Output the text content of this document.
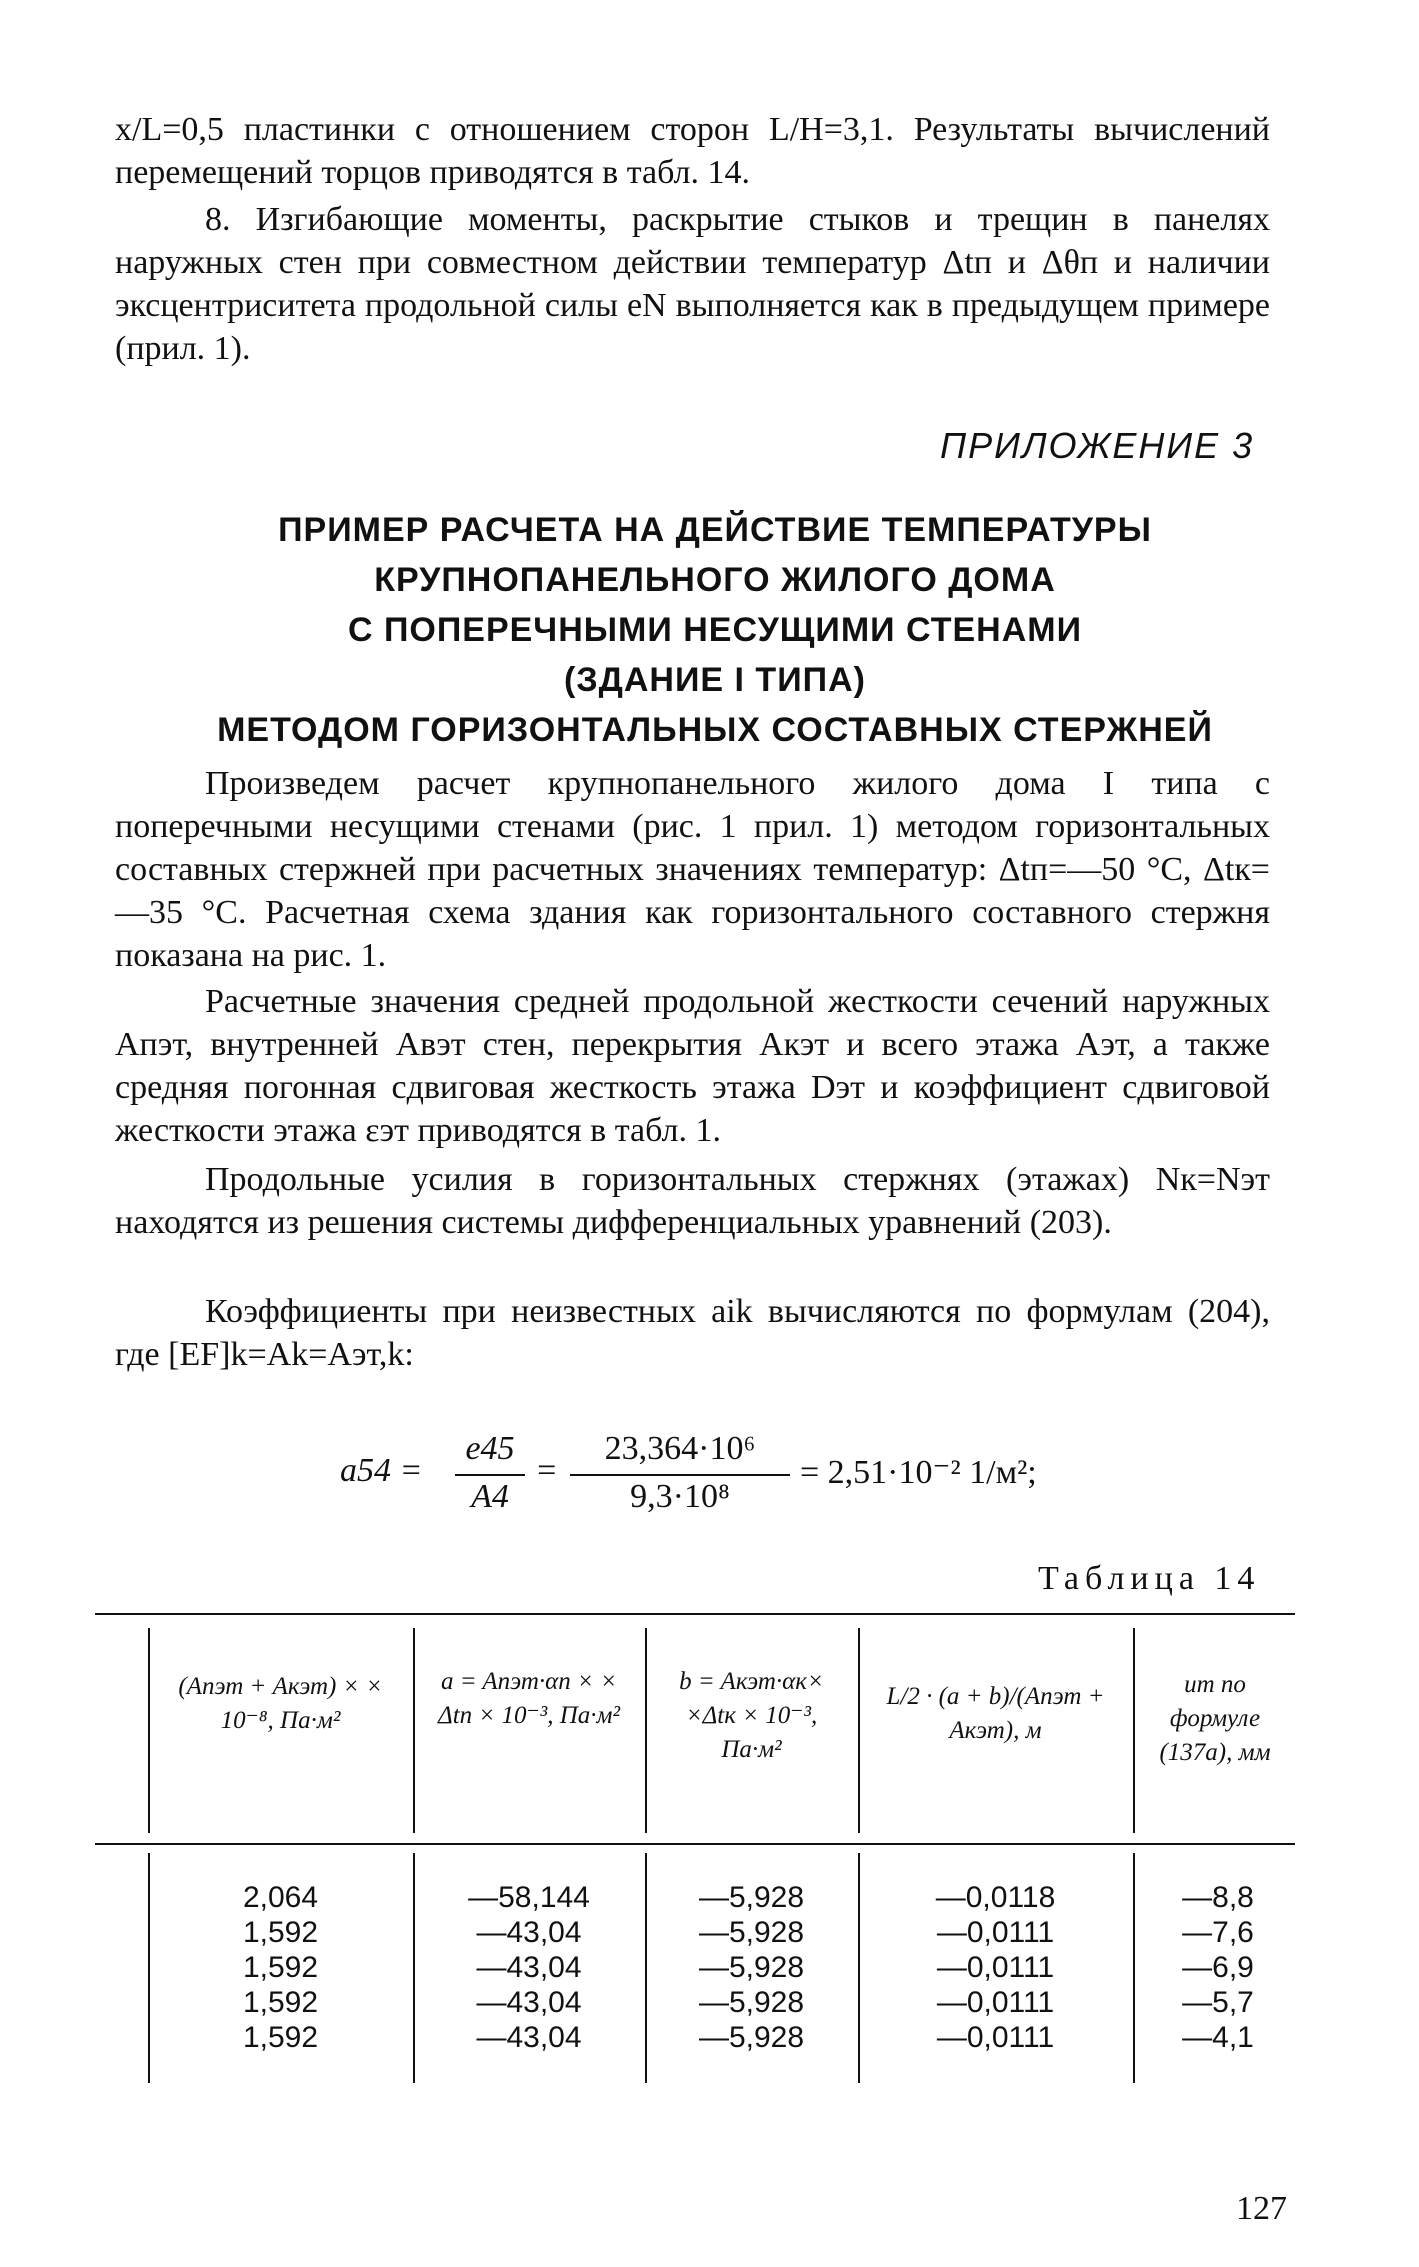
x/L=0,5 пластинки с отношением сторон L/H=3,1. Результаты вычислений перемещений торцов приводятся в табл. 14.

8. Изгибающие моменты, раскрытие стыков и трещин в панелях наружных стен при совместном действии температур Δtп и Δθп и наличии эксцентриситета продольной силы eN выполняется как в предыдущем примере (прил. 1).

ПРИЛОЖЕНИЕ 3
ПРИМЕР РАСЧЕТА НА ДЕЙСТВИЕ ТЕМПЕРАТУРЫ
КРУПНОПАНЕЛЬНОГО ЖИЛОГО ДОМА
С ПОПЕРЕЧНЫМИ НЕСУЩИМИ СТЕНАМИ
(ЗДАНИЕ I ТИПА)
МЕТОДОМ ГОРИЗОНТАЛЬНЫХ СОСТАВНЫХ СТЕРЖНЕЙ

Произведем расчет крупнопанельного жилого дома I типа с поперечными несущими стенами (рис. 1 прил. 1) методом горизонтальных составных стержней при расчетных значениях температур: Δtп=—50 °С, Δtк=—35 °С. Расчетная схема здания как горизонтального составного стержня показана на рис. 1.

Расчетные значения средней продольной жесткости сечений наружных Aпэт, внутренней Aвэт стен, перекрытия Aкэт и всего этажа Aэт, а также средняя погонная сдвиговая жесткость этажа Dэт и коэффициент сдвиговой жесткости этажа εэт приводятся в табл. 1.

Продольные усилия в горизонтальных стержнях (этажах) Nк=Nэт находятся из решения системы дифференциальных уравнений (203).

Коэффициенты при неизвестных aik вычисляются по формулам (204), где [EF]k=Ak=Aэт,k:

a54 =
e45
A4
=
23,364·10⁶
9,3·10⁸
= 2,51·10⁻² 1/м²;
Таблица 14
(Aпэт + Aкэт) × × 10⁻⁸, Па·м²
a = Aпэт·αп × × Δtп × 10⁻³, Па·м²
b = Aкэт·αк× ×Δtк × 10⁻³, Па·м²
L/2 · (a + b)/(Aпэт + Aкэт), м
um по формуле (137а), мм
2,064
1,592
1,592
1,592
1,592
—58,144
—43,04
—43,04
—43,04
—43,04
—5,928
—5,928
—5,928
—5,928
—5,928
—0,0118
—0,0111
—0,0111
—0,0111
—0,0111
—8,8
—7,6
—6,9
—5,7
—4,1
127
